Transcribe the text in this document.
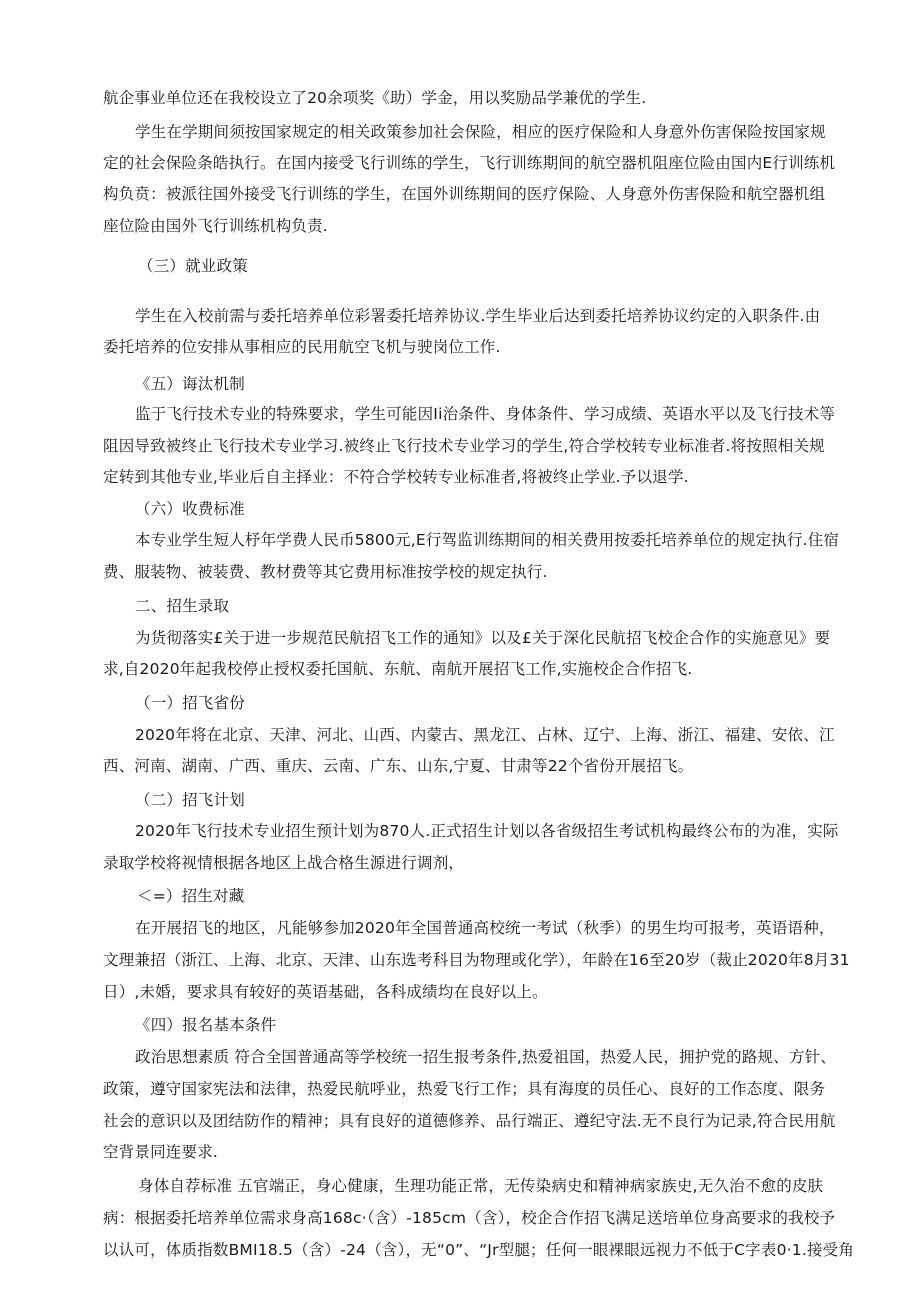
航企事业单位还在我校设立了20余项奖《助）学金，用以奖励品学兼优的学生.
学生在学期间须按国家规定的相关政策参加社会保险，相应的医疗保险和人身意外伤害保险按国家规
定的社会保险条皓执行。在国内接受飞行训练的学生，飞行训练期间的航空器机阻座位险由国内E行训练机
构负贲：被派往国外接受飞行训练的学生，在国外训练期间的医疗保险、人身意外伤害保险和航空器机组
座位险由国外飞行训练机构负责.
（三）就业政策
学生在入校前需与委托培养单位彩署委托培养协议.学生毕业后达到委托培养协议约定的入职条件.由
委托培养的位安排从事相应的民用航空飞机与驶岗位工作.
《五）诲汰机制
监于飞行技术专业的特殊要求，学生可能因Ii治条件、身体条件、学习成绩、英语水平以及飞行技术等
阻因导致被终止飞行技术专业学习.被终止飞行技术专业学习的学生,符合学校转专业标准者.将按照相关规
定转到其他专业,毕业后自主择业：不符合学校转专业标准者,将被终止学业.予以退学.
（六）收费标准
本专业学生短人杼年学费人民币5800元,E行驾监训练期间的相关费用按委托培养单位的规定执行.住宿
费、服装物、被装费、教材费等其它费用标准按学校的规定执行.
二、招生录取
为货彻落实£关于进一步规范民航招飞工作的通知》以及£关于深化民航招飞校企合作的实施意见》要
求,自2020年起我校停止授权委托国航、东航、南航开展招飞工作,实施校企合作招飞.
（一）招飞省份
2020年将在北京、天津、河北、山西、内蒙古、黑龙江、占林、辽宁、上海、浙江、福建、安依、江
西、河南、湖南、广西、重庆、云南、广东、山东,宁夏、甘肃等22个省份开展招飞。
（二）招飞计划
2020年飞行技术专业招生预计划为870人.正式招生计划以各省级招生考试机构最终公布的为准，实际
录取学校将视情根据各地区上战合格生源进行调剂，
＜=）招生对藏
在开展招飞的地区，凡能够参加2020年全国普通高校统一考试（秋季）的男生均可报考，英语语种，
文理兼招（浙江、上海、北京、天津、山东选考科目为物理或化学），年龄在16至20岁（裁止2020年8月31
日）,未婚，要求具有较好的英语基础，各科成绩均在良好以上。
《四）报名基本条件
政治思想素质 符合全国普通高等学校统一招生报考条件,热爱祖国，热爱人民，拥护党的路规、方针、
政策，遵守国家宪法和法律，热爱民航呼业，热爱飞行工作；具有海度的员任心、良好的工作态度、限务
社会的意识以及团结防作的精神；具有良好的道德修养、品行端正、遵纪守法.无不良行为记录,符合民用航
空背景同连要求.
身体自荐标准 五官端正，身心健康，生理功能正常，无传染病史和精神病家族史,无久治不愈的皮肤
病：根据委托培养单位需求身高168c·（含）-185cm（含），校企合作招飞满足送培单位身高要求的我校予
以认可，体质指数BMI18.5（含）-24（含），无“0”、“Jr型腿；任何一眼裸眼远视力不低于C字表0·1.接受角
